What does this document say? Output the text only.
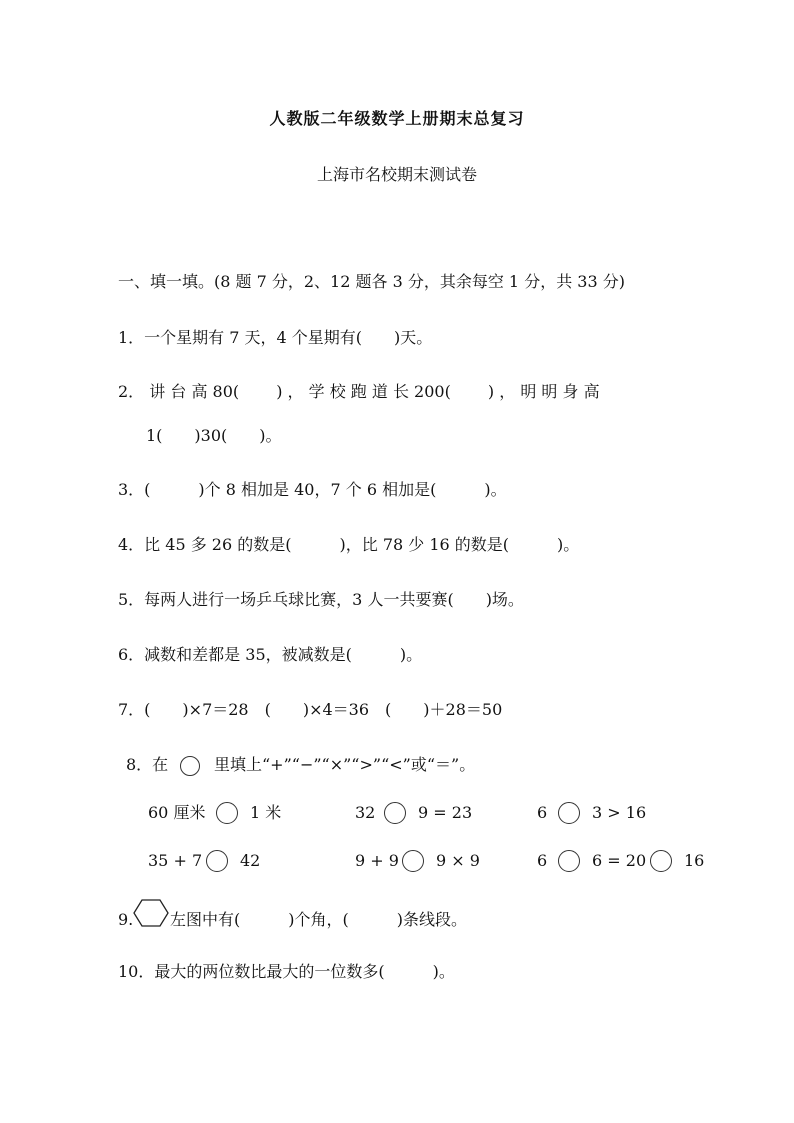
人教版二年级数学上册期末总复习
上海市名校期末测试卷
一、填一填。(8 题 7 分，2、12 题各 3 分，其余每空 1 分，共 33 分)
1．一个星期有 7 天，4 个星期有(　　)天。
2． 讲 台 高 80(　　 ) ， 学 校 跑 道 长 200(　　 ) ， 明 明 身 高
1(　　)30(　　)。
3．(　　　)个 8 相加是 40，7 个 6 相加是(　　　)。
4．比 45 多 26 的数是(　　　)，比 78 少 16 的数是(　　　)。
5．每两人进行一场乒乓球比赛，3 人一共要赛(　　)场。
6．减数和差都是 35，被减数是(　　　)。
7．(　　)×7＝28　(　　)×4＝36　(　　)＋28＝50
8．在	里填上“+”“−”“×”“>”“<”或“＝”。
60 厘米	1 米	32	9 = 23	6	3 > 16
35 + 7 42	9 + 9 9 × 9	6	6 = 20 16
9. 左图中有(　　　)个角，(　　　)条线段。
10．最大的两位数比最大的一位数多(　　　)。
